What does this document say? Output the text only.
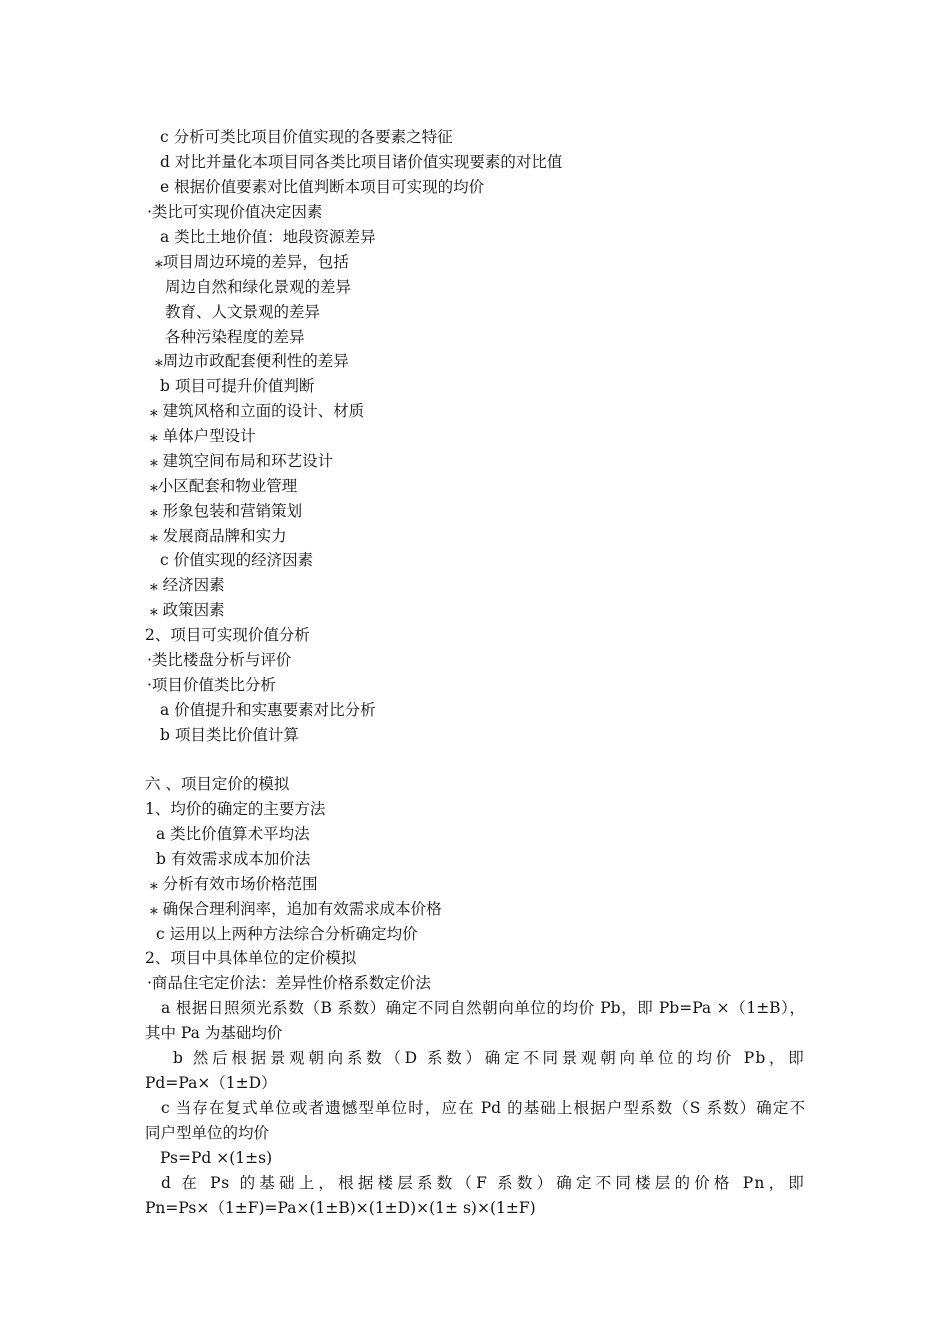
c 分析可类比项目价值实现的各要素之特征
d 对比并量化本项目同各类比项目诸价值实现要素的对比值
e 根据价值要素对比值判断本项目可实现的均价
·类比可实现价值决定因素
a 类比土地价值：地段资源差异
⁎项目周边环境的差异，包括
周边自然和绿化景观的差异
教育、人文景观的差异
各种污染程度的差异
⁎周边市政配套便利性的差异
b 项目可提升价值判断
⁎ 建筑风格和立面的设计、材质
⁎ 单体户型设计
⁎ 建筑空间布局和环艺设计
⁎小区配套和物业管理
⁎ 形象包装和营销策划
⁎ 发展商品牌和实力
c 价值实现的经济因素
⁎ 经济因素
⁎ 政策因素
2、项目可实现价值分析
·类比楼盘分析与评价
·项目价值类比分析
a 价值提升和实惠要素对比分析
b 项目类比价值计算
六 、项目定价的模拟
1、均价的确定的主要方法
a 类比价值算术平均法
b 有效需求成本加价法
⁎ 分析有效市场价格范围
⁎ 确保合理利润率，追加有效需求成本价格
c 运用以上两种方法综合分析确定均价
2、项目中具体单位的定价模拟
·商品住宅定价法：差异性价格系数定价法
a 根据日照须光系数（B 系数）确定不同自然朝向单位的均价 Pb，即 Pb=Pa ×（1±B），
其中 Pa 为基础均价
b 然后根据景观朝向系数（D 系数）确定不同景观朝向单位的均价 Pb，即
Pd=Pa×（1±D）
c 当存在复式单位或者遗憾型单位时，应在 Pd 的基础上根据户型系数（S 系数）确定不
同户型单位的均价
Ps=Pd ×(1±s)
d 在 Ps 的基础上，根据楼层系数（F 系数）确定不同楼层的价格 Pn，即
Pn=Ps×（1±F)=Pa×(1±B)×(1±D)×(1± s)×(1±F)
